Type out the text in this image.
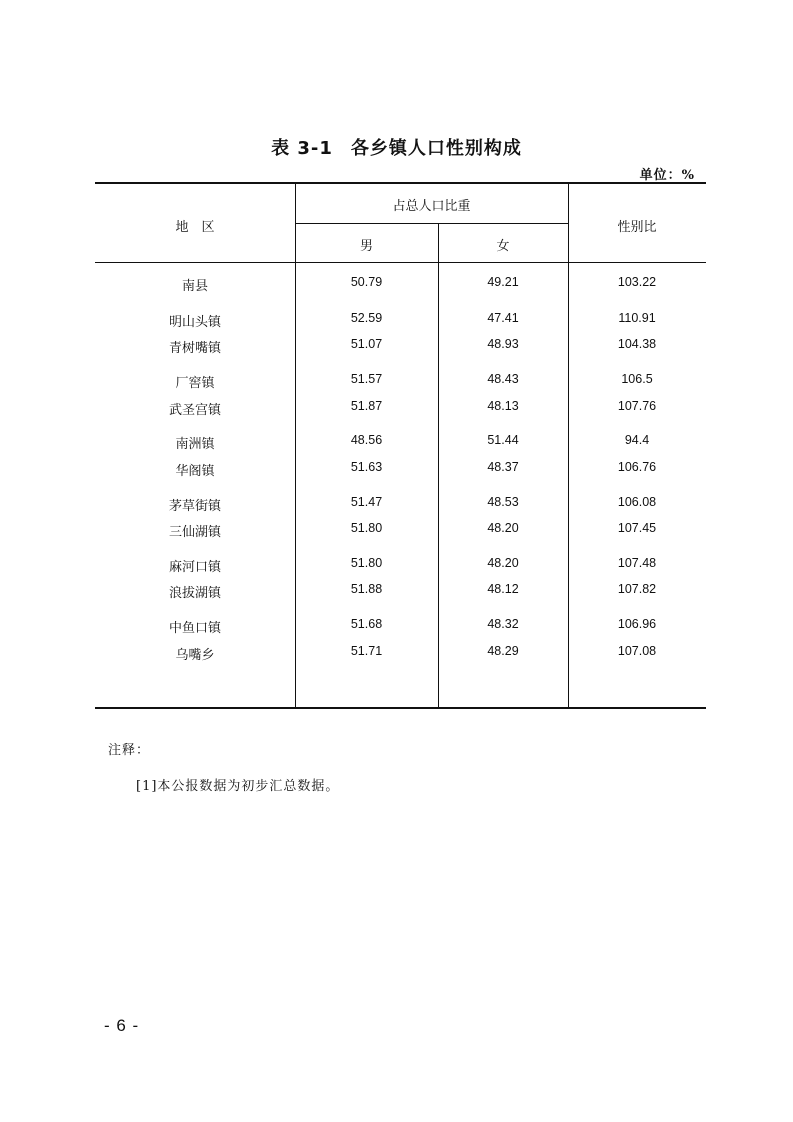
表 3-1 各乡镇人口性别构成
单位：%
地　区
占总人口比重
男	女
性别比
南县	50.79	49.21	103.22
明山头镇	52.59	47.41	110.91
青树嘴镇	51.07	48.93	104.38
厂窖镇	51.57	48.43	106.5
武圣宫镇	51.87	48.13	107.76
南洲镇	48.56	51.44	94.4
华阁镇	51.63	48.37	106.76
茅草街镇	51.47	48.53	106.08
三仙湖镇	51.80	48.20	107.45
麻河口镇	51.80	48.20	107.48
浪拔湖镇	51.88	48.12	107.82
中鱼口镇	51.68	48.32	106.96
乌嘴乡	51.71	48.29	107.08
注释：
[1]本公报数据为初步汇总数据。
- 6 -
